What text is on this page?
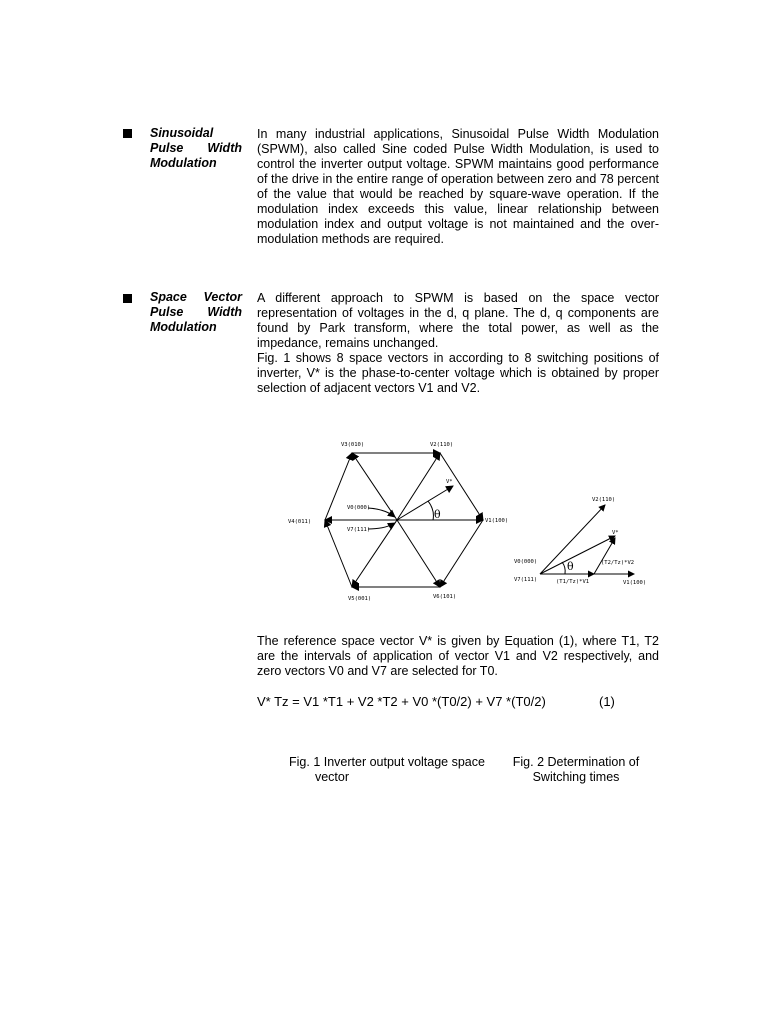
Sinusoidal Pulse Width Modulation
In many industrial applications, Sinusoidal Pulse Width Modulation (SPWM), also called Sine coded Pulse Width Modulation, is used to control the inverter output voltage. SPWM maintains good performance of the drive in the entire range of operation between zero and 78 percent of the value that would be reached by square-wave operation. If the modulation index exceeds this value, linear relationship between modulation index and output voltage is not maintained and the over-modulation methods are required.
Space Vector Pulse Width Modulation
A different approach to SPWM is based on the space vector representation of voltages in the d, q plane. The d, q components are found by Park transform, where the total power, as well as the impedance, remains unchanged.
Fig. 1 shows 8 space vectors in according to 8 switching positions of inverter, V* is the phase-to-center voltage which is obtained by proper selection of adjacent vectors V1 and V2.
V3(010)	V2(110)
V*
V0(000)
V7(111)
V4(011)	V1(100)
V5(001)	V6(101)
θ
V2(110)
V*
V0(000)
V7(111)
(T2/Tz)*V2
(T1/Tz)*V1	V1(100)
θ
The reference space vector V* is given by Equation (1), where T1, T2 are the intervals of application of vector V1 and V2 respectively, and zero vectors V0 and V7 are selected for T0.
V* Tz = V1 *T1 + V2 *T2 + V0 *(T0/2) + V7 *(T0/2)	(1)
Fig. 1 Inverter output voltage space
vector
Fig. 2 Determination of
Switching times
